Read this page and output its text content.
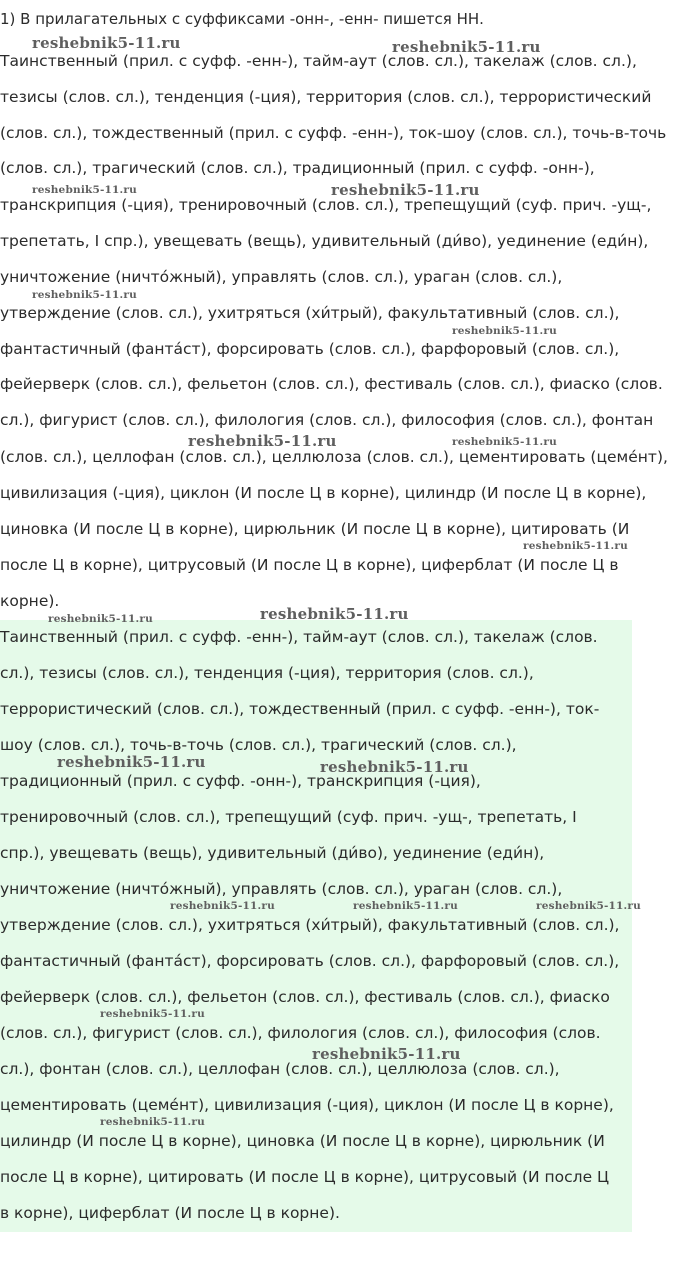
1) В прилагательных с суффиксами -онн-, -енн- пишется НН.

Таинственный (прил. с суфф. -енн-), тайм-аут (слов. сл.), такелаж (слов. сл.),

тезисы (слов. сл.), тенденция (-ция), территория (слов. сл.), террористический

(слов. сл.), тождественный (прил. с суфф. -енн-), ток-шоу (слов. сл.), точь-в-точь

(слов. сл.), трагический (слов. сл.), традиционный (прил. с суфф. -онн-),

транскрипция (-ция), тренировочный (слов. сл.), трепещущий (суф. прич. -ущ-,

трепетать, I спр.), увещевать (вещь), удивительный (ди́во), уединение (еди́н),

уничтожение (ничто́жный), управлять (слов. сл.), ураган (слов. сл.),

утверждение (слов. сл.), ухитряться (хи́трый), факультативный (слов. сл.),

фантастичный (фанта́ст), форсировать (слов. сл.), фарфоровый (слов. сл.),

фейерверк (слов. сл.), фельетон (слов. сл.), фестиваль (слов. сл.), фиаско (слов.

сл.), фигурист (слов. сл.), филология (слов. сл.), философия (слов. сл.), фонтан

(слов. сл.), целлофан (слов. сл.), целлюлоза (слов. сл.), цементировать (цеме́нт),

цивилизация (-ция), циклон (И после Ц в корне), цилиндр (И после Ц в корне),

циновка (И после Ц в корне), цирюльник (И после Ц в корне), цитировать (И

после Ц в корне), цитрусовый (И после Ц в корне), циферблат (И после Ц в

корне).

Таинственный (прил. с суфф. -енн-), тайм-аут (слов. сл.), такелаж (слов.

сл.), тезисы (слов. сл.), тенденция (-ция), территория (слов. сл.),

террористический (слов. сл.), тождественный (прил. с суфф. -енн-), ток-

шоу (слов. сл.), точь-в-точь (слов. сл.), трагический (слов. сл.),

традиционный (прил. с суфф. -онн-), транскрипция (-ция),

тренировочный (слов. сл.), трепещущий (суф. прич. -ущ-, трепетать, I

спр.), увещевать (вещь), удивительный (ди́во), уединение (еди́н),

уничтожение (ничто́жный), управлять (слов. сл.), ураган (слов. сл.),

утверждение (слов. сл.), ухитряться (хи́трый), факультативный (слов. сл.),

фантастичный (фанта́ст), форсировать (слов. сл.), фарфоровый (слов. сл.),

фейерверк (слов. сл.), фельетон (слов. сл.), фестиваль (слов. сл.), фиаско

(слов. сл.), фигурист (слов. сл.), филология (слов. сл.), философия (слов.

сл.), фонтан (слов. сл.), целлофан (слов. сл.), целлюлоза (слов. сл.),

цементировать (цеме́нт), цивилизация (-ция), циклон (И после Ц в корне),

цилиндр (И после Ц в корне), циновка (И после Ц в корне), цирюльник (И

после Ц в корне), цитировать (И после Ц в корне), цитрусовый (И после Ц

в корне), циферблат (И после Ц в корне).

reshebnik5-11.ru	reshebnik5-11.ru
reshebnik5-11.ru	reshebnik5-11.ru
reshebnik5-11.ru
reshebnik5-11.ru
reshebnik5-11.ru	reshebnik5-11.ru
reshebnik5-11.ru
reshebnik5-11.ru	reshebnik5-11.ru
reshebnik5-11.ru	reshebnik5-11.ru
reshebnik5-11.ru	reshebnik5-11.ru	reshebnik5-11.ru
reshebnik5-11.ru
reshebnik5-11.ru
reshebnik5-11.ru
